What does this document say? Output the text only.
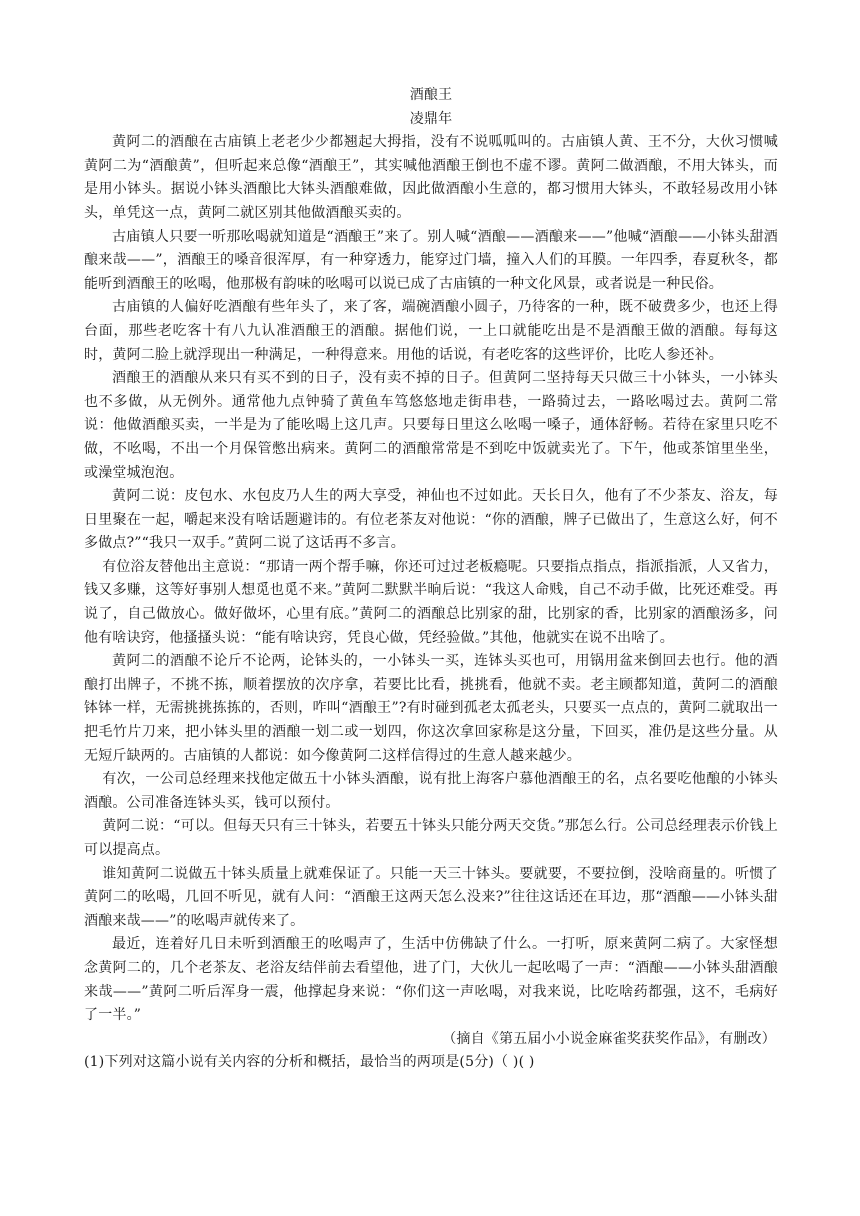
酒酿王

凌鼎年

黄阿二的酒酿在古庙镇上老老少少都翘起大拇指，没有不说呱呱叫的。古庙镇人黄、王不分，大伙习惯喊黄阿二为“酒酿黄”，但听起来总像“酒酿王”，其实喊他酒酿王倒也不虚不谬。黄阿二做酒酿，不用大钵头，而是用小钵头。据说小钵头酒酿比大钵头酒酿难做，因此做酒酿小生意的，都习惯用大钵头，不敢轻易改用小钵头，单凭这一点，黄阿二就区别其他做酒酿买卖的。

古庙镇人只要一听那吆喝就知道是“酒酿王”来了。别人喊“酒酿——酒酿来——”他喊“酒酿——小钵头甜酒酿来哉——”，酒酿王的嗓音很浑厚，有一种穿透力，能穿过门墙，撞入人们的耳膜。一年四季，春夏秋冬，都能听到酒酿王的吆喝，他那极有韵味的吆喝可以说已成了古庙镇的一种文化风景，或者说是一种民俗。

古庙镇的人偏好吃酒酿有些年头了，来了客，端碗酒酿小圆子，乃待客的一种，既不破费多少，也还上得台面，那些老吃客十有八九认准酒酿王的酒酿。据他们说，一上口就能吃出是不是酒酿王做的酒酿。每每这时，黄阿二脸上就浮现出一种满足，一种得意来。用他的话说，有老吃客的这些评价，比吃人参还补。

酒酿王的酒酿从来只有买不到的日子，没有卖不掉的日子。但黄阿二坚持每天只做三十小钵头，一小钵头也不多做，从无例外。通常他九点钟骑了黄鱼车笃悠悠地走街串巷，一路骑过去，一路吆喝过去。黄阿二常说：他做酒酿买卖，一半是为了能吆喝上这几声。只要每日里这么吆喝一嗓子，通体舒畅。若待在家里只吃不做，不吆喝，不出一个月保管憋出病来。黄阿二的酒酿常常是不到吃中饭就卖光了。下午，他或茶馆里坐坐，或澡堂城泡泡。

黄阿二说：皮包水、水包皮乃人生的两大享受，神仙也不过如此。天长日久，他有了不少茶友、浴友，每日里聚在一起，嚼起来没有啥话题避讳的。有位老茶友对他说：“你的酒酿，牌子已做出了，生意这么好，何不多做点?”“我只一双手。”黄阿二说了这话再不多言。

有位浴友替他出主意说：“那请一两个帮手嘛，你还可过过老板瘾呢。只要指点指点，指派指派，人又省力，钱又多赚，这等好事别人想觅也觅不来。”黄阿二默默半晌后说：“我这人命贱，自己不动手做，比死还难受。再说了，自己做放心。做好做坏，心里有底。”黄阿二的酒酿总比别家的甜，比别家的香，比别家的酒酿汤多，问他有啥诀窍，他搔搔头说：“能有啥诀窍，凭良心做，凭经验做。”其他，他就实在说不出啥了。

黄阿二的酒酿不论斤不论两，论钵头的，一小钵头一买，连钵头买也可，用锅用盆来倒回去也行。他的酒酿打出牌子，不挑不拣，顺着摆放的次序拿，若要比比看，挑挑看，他就不卖。老主顾都知道，黄阿二的酒酿钵钵一样，无需挑挑拣拣的，否则，咋叫“酒酿王”?有时碰到孤老太孤老头，只要买一点点的，黄阿二就取出一把毛竹片刀来，把小钵头里的酒酿一划二或一划四，你这次拿回家称是这分量，下回买，准仍是这些分量。从无短斤缺两的。古庙镇的人都说：如今像黄阿二这样信得过的生意人越来越少。

有次，一公司总经理来找他定做五十小钵头酒酿，说有批上海客户慕他酒酿王的名，点名要吃他酿的小钵头酒酿。公司准备连钵头买，钱可以预付。

黄阿二说：“可以。但每天只有三十钵头，若要五十钵头只能分两天交货。”那怎么行。公司总经理表示价钱上可以提高点。

谁知黄阿二说做五十钵头质量上就难保证了。只能一天三十钵头。要就要，不要拉倒，没啥商量的。听惯了黄阿二的吆喝，几回不听见，就有人问：“酒酿王这两天怎么没来?”往往这话还在耳边，那“酒酿——小钵头甜酒酿来哉——”的吆喝声就传来了。

最近，连着好几日未听到酒酿王的吆喝声了，生活中仿佛缺了什么。一打听，原来黄阿二病了。大家怪想念黄阿二的，几个老茶友、老浴友结伴前去看望他，进了门，大伙儿一起吆喝了一声：“酒酿——小钵头甜酒酿来哉——”黄阿二听后浑身一震，他撑起身来说：“你们这一声吆喝，对我来说，比吃啥药都强，这不，毛病好了一半。”

（摘自《第五届小小说金麻雀奖获奖作品》，有删改）

(1)下列对这篇小说有关内容的分析和概括，最恰当的两项是(5分)（ )( )
